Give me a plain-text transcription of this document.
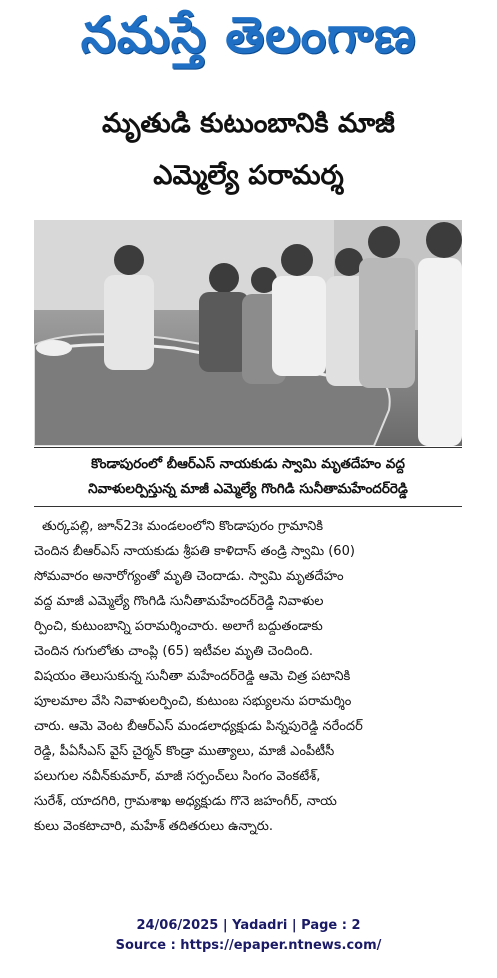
నమస్తే తెలంగాణ
మృతుడి కుటుంబానికి మాజీ
ఎమ్మెల్యే పరామర్శ
కొండాపురంలో బీఆర్ఎస్ నాయకుడు స్వామి మృతదేహం వద్ద
నివాళులర్పిస్తున్న మాజీ ఎమ్మెల్యే గొంగిడి సునీతామహేందర్‌రెడ్డి
తుర్కపల్లి, జూన్23ః మండలంలోని కొండాపురం గ్రామానికి
చెందిన బీఆర్ఎస్ నాయకుడు శ్రీపతి కాళిదాస్ తండ్రి స్వామి (60)
సోమవారం అనారోగ్యంతో మృతి చెందాడు. స్వామి మృతదేహం
వద్ద మాజీ ఎమ్మెల్యే గొంగిడి సునీతామహేందర్‌రెడ్డి నివాళుల
ర్పించి, కుటుంబాన్ని పరామర్శించారు. అలాగే బద్దుతండాకు
చెందిన గుగులోతు చాంప్లి (65) ఇటీవల మృతి చెందింది.
విషయం తెలుసుకున్న సునీతా మహేందర్‌రెడ్డి ఆమె చిత్ర పటానికి
పూలమాల వేసి నివాళులర్పించి, కుటుంబ సభ్యులను పరామర్శిం
చారు. ఆమె వెంట బీఆర్ఎస్ మండలాధ్యక్షుడు పిన్నపురెడ్డి నరేందర్
రెడ్డి, పీఏసీఎస్ వైస్ చైర్మన్ కొండ్రా ముత్యాలు, మాజీ ఎంపీటీసీ
పలుగుల నవీన్‌కుమార్, మాజీ సర్పంచ్‌లు సింగం వెంకటేశ్,
సురేశ్, యాదగిరి, గ్రామశాఖ అధ్యక్షుడు గొనె జహంగీర్, నాయ
కులు వెంకటాచారి, మహేశ్ తదితరులు ఉన్నారు.
24/06/2025 | Yadadri | Page : 2
Source : https://epaper.ntnews.com/
